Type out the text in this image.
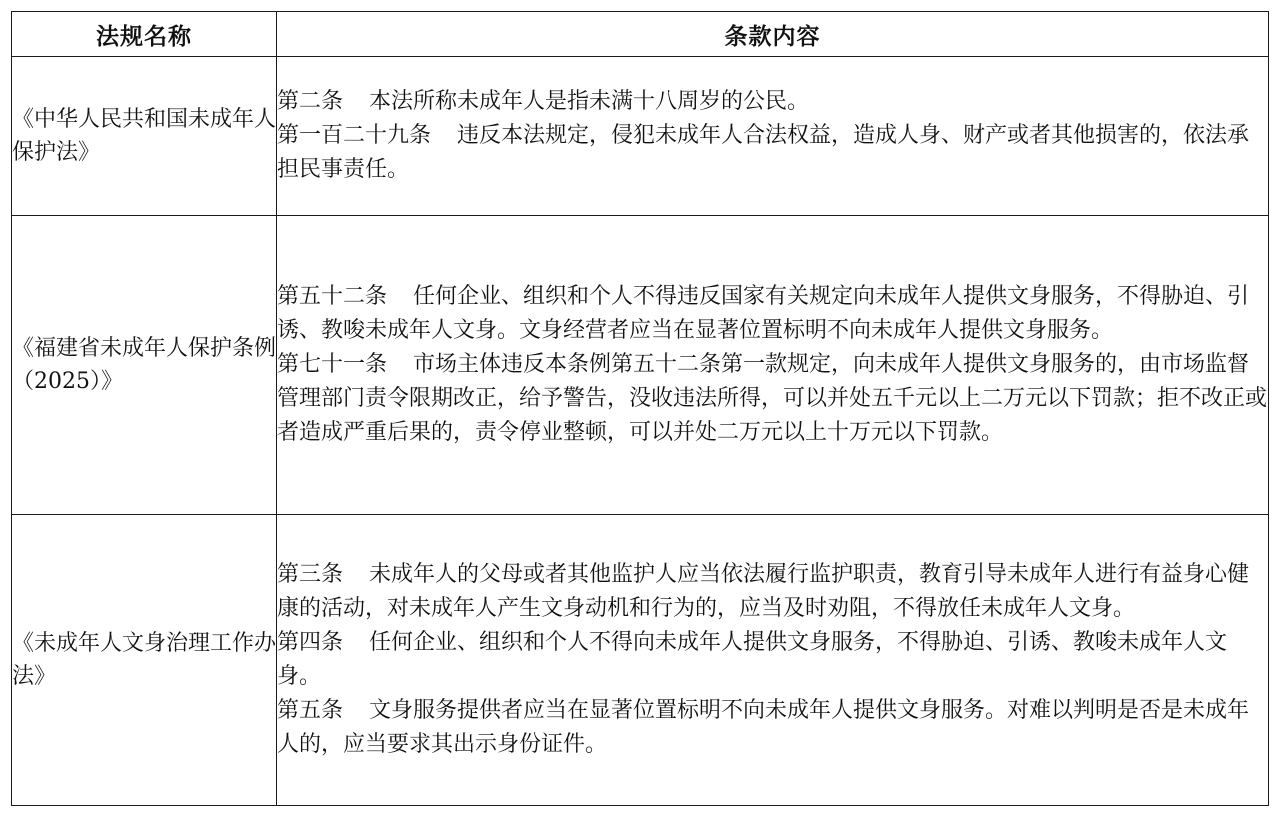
法规名称	条款内容
《中华人民共和国未成年人保护法》	第二条 本法所称未成年人是指未满十八周岁的公民。
第一百二十九条 违反本法规定，侵犯未成年人合法权益，造成人身、财产或者其他损害的，依法承担民事责任。

《福建省未成年人保护条例（2025）》	第五十二条 任何企业、组织和个人不得违反国家有关规定向未成年人提供文身服务，不得胁迫、引诱、教唆未成年人文身。文身经营者应当在显著位置标明不向未成年人提供文身服务。
第七十一条 市场主体违反本条例第五十二条第一款规定，向未成年人提供文身服务的，由市场监督管理部门责令限期改正，给予警告，没收违法所得，可以并处五千元以上二万元以下罚款；拒不改正或者造成严重后果的，责令停业整顿，可以并处二万元以上十万元以下罚款。

《未成年人文身治理工作办法》	第三条 未成年人的父母或者其他监护人应当依法履行监护职责，教育引导未成年人进行有益身心健康的活动，对未成年人产生文身动机和行为的，应当及时劝阻，不得放任未成年人文身。
第四条 任何企业、组织和个人不得向未成年人提供文身服务，不得胁迫、引诱、教唆未成年人文身。
第五条 文身服务提供者应当在显著位置标明不向未成年人提供文身服务。对难以判明是否是未成年人的，应当要求其出示身份证件。
